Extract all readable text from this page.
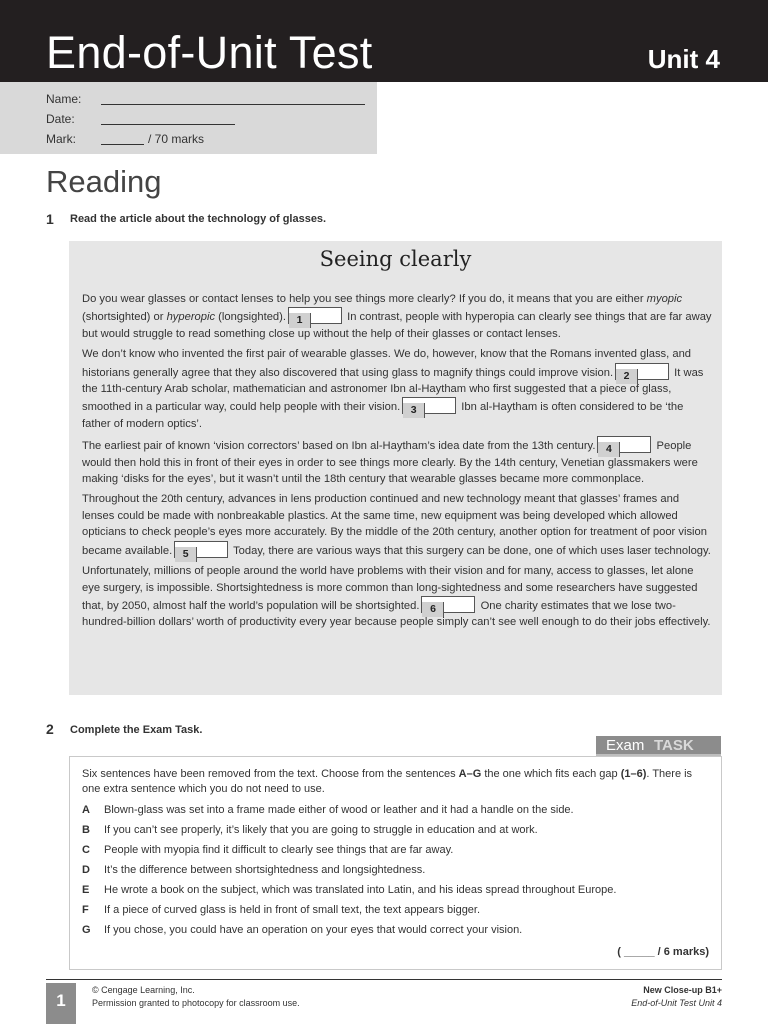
End-of-Unit Test	Unit 4
Name:
Date:
Mark:	/ 70 marks
Reading
1 Read the article about the technology of glasses.
Seeing clearly

Do you wear glasses or contact lenses to help you see things more clearly? If you do, it means that you are either myopic (shortsighted) or hyperopic (longsighted). 1	In contrast, people with hyperopia can clearly see things that are far away but would struggle to read something close up without the help of their glasses or contact lenses.

We don’t know who invented the first pair of wearable glasses. We do, however, know that the Romans invented glass, and historians generally agree that they also discovered that using glass to magnify things could improve vision. 2	It was the 11th-century Arab scholar, mathematician and astronomer Ibn al-Haytham who first suggested that a piece of glass, smoothed in a particular way, could help people with their vision. 3	Ibn al-Haytham is often considered to be ‘the father of modern optics’.

The earliest pair of known ‘vision correctors’ based on Ibn al-Haytham’s idea date from the 13th century. 4	People would then hold this in front of their eyes in order to see things more clearly. By the 14th century, Venetian glassmakers were making ‘disks for the eyes’, but it wasn’t until the 18th century that wearable glasses became more commonplace.

Throughout the 20th century, advances in lens production continued and new technology meant that glasses’ frames and lenses could be made with nonbreakable plastics. At the same time, new equipment was being developed which allowed opticians to check people’s eyes more accurately. By the middle of the 20th century, another option for treatment of poor vision became available. 5	Today, there are various ways that this surgery can be done, one of which uses laser technology.

Unfortunately, millions of people around the world have problems with their vision and for many, access to glasses, let alone eye surgery, is impossible. Shortsightedness is more common than long-sightedness and some researchers have suggested that, by 2050, almost half the world’s population will be shortsighted. 6	One charity estimates that we lose two-hundred-billion dollars’ worth of productivity every year because people simply can’t see well enough to do their jobs effectively.

2 Complete the Exam Task.
Exam TASK
Six sentences have been removed from the text. Choose from the sentences A–G the one which fits each gap (1–6). There is one extra sentence which you do not need to use.
A Blown-glass was set into a frame made either of wood or leather and it had a handle on the side.
B If you can’t see properly, it’s likely that you are going to struggle in education and at work.
C People with myopia find it difficult to clearly see things that are far away.
D It’s the difference between shortsightedness and longsightedness.
E He wrote a book on the subject, which was translated into Latin, and his ideas spread throughout Europe.
F If a piece of curved glass is held in front of small text, the text appears bigger.
G If you chose, you could have an operation on your eyes that would correct your vision.
( _____ / 6 marks)
1
© Cengage Learning, Inc.
Permission granted to photocopy for classroom use.
New Close-up B1+
End-of-Unit Test Unit 4
